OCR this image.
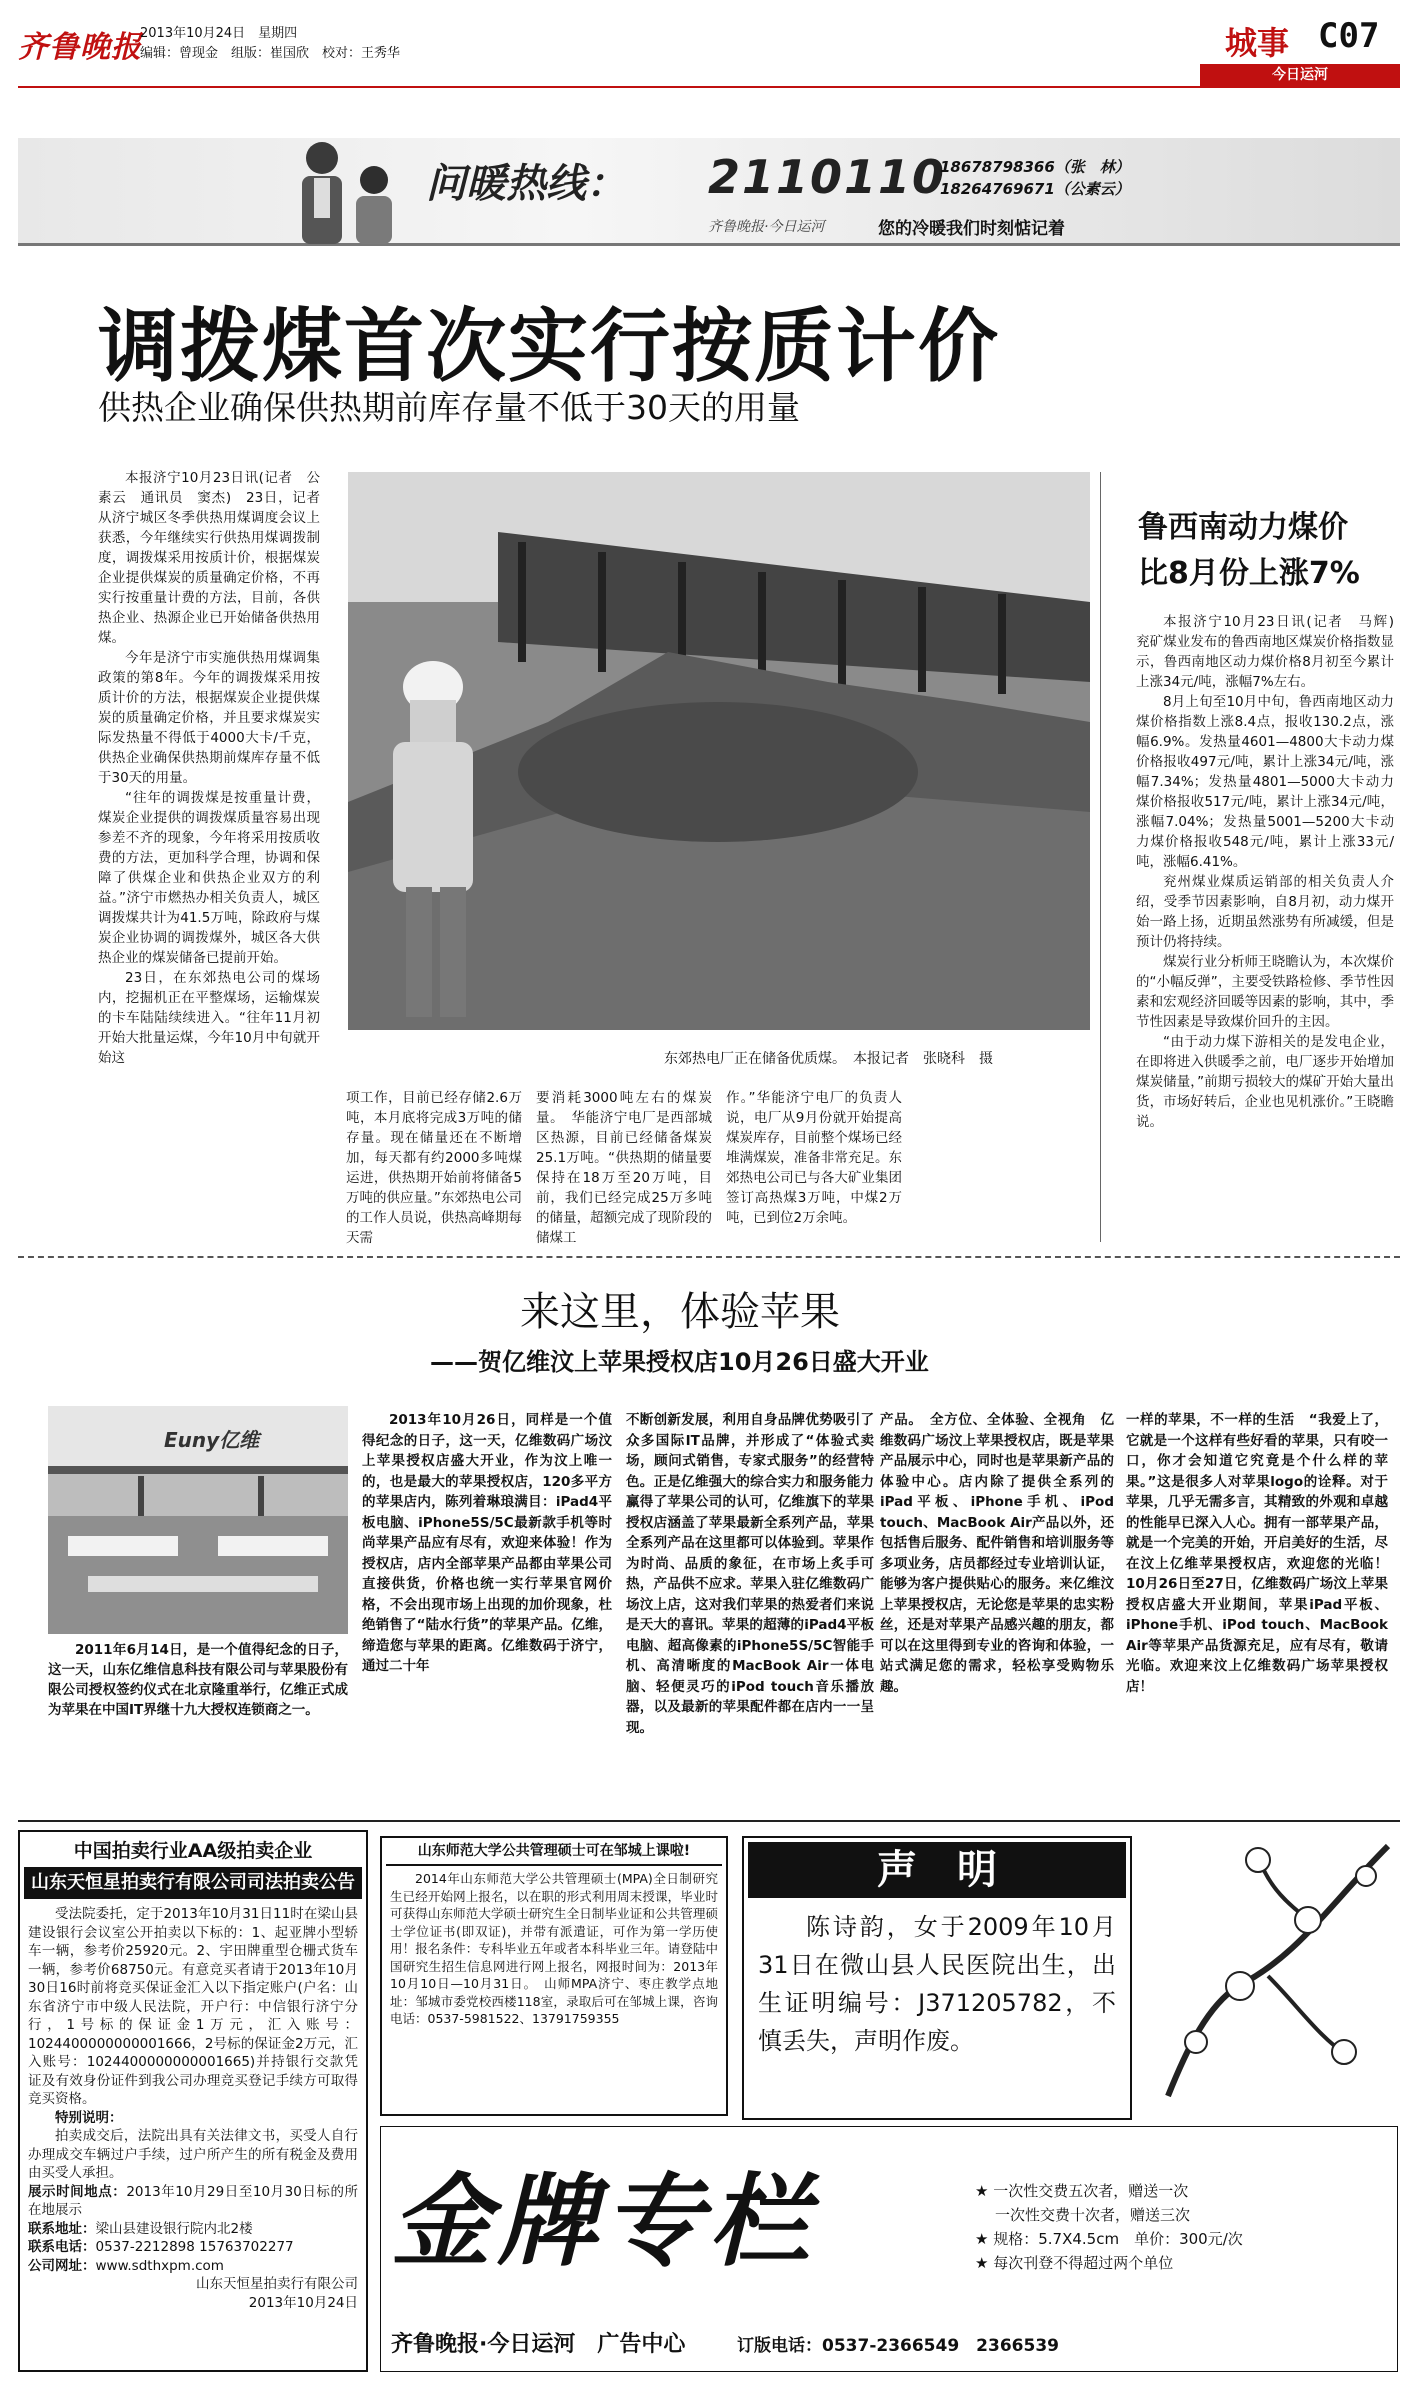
齐鲁晚报
2013年10月24日　星期四
编辑：曾现金　组版：崔国欣　校对：王秀华	城事 C07
今日运河
问暖热线： 2110110
18678798366（张　林）
18264769671（公素云）
齐鲁晚报·今日运河	您的冷暖我们时刻惦记着
调拨煤首次实行按质计价
供热企业确保供热期前库存量不低于30天的用量

本报济宁10月23日讯(记者　公素云　通讯员　窦杰)　23日，记者从济宁城区冬季供热用煤调度会议上获悉，今年继续实行供热用煤调拨制度，调拨煤采用按质计价，根据煤炭企业提供煤炭的质量确定价格，不再实行按重量计费的方法，目前，各供热企业、热源企业已开始储备供热用煤。

今年是济宁市实施供热用煤调集政策的第8年。今年的调拨煤采用按质计价的方法，根据煤炭企业提供煤炭的质量确定价格，并且要求煤炭实际发热量不得低于4000大卡/千克，供热企业确保供热期前煤库存量不低于30天的用量。

“往年的调拨煤是按重量计费，煤炭企业提供的调拨煤质量容易出现参差不齐的现象，今年将采用按质收费的方法，更加科学合理，协调和保障了供煤企业和供热企业双方的利益。”济宁市燃热办相关负责人，城区调拨煤共计为41.5万吨，除政府与煤炭企业协调的调拨煤外，城区各大供热企业的煤炭储备已提前开始。

23日，在东郊热电公司的煤场内，挖掘机正在平整煤场，运输煤炭的卡车陆陆续续进入。“往年11月初开始大批量运煤，今年10月中旬就开始这	东郊热电厂正在储备优质煤。　本报记者　张晓科　摄
项工作，目前已经存储2.6万吨，本月底将完成3万吨的储存量。现在储量还在不断增加，每天都有约2000多吨煤运进，供热期开始前将储备5万吨的供应量。”东郊热电公司的工作人员说，供热高峰期每天需
要消耗3000吨左右的煤炭量。　华能济宁电厂是西部城区热源，目前已经储备煤炭25.1万吨。“供热期的储量要保持在18万至20万吨，目前，我们已经完成25万多吨的储量，超额完成了现阶段的储煤工
作。”华能济宁电厂的负责人说，电厂从9月份就开始提高煤炭库存，目前整个煤场已经堆满煤炭，准备非常充足。东郊热电公司已与各大矿业集团签订高热煤3万吨，中煤2万吨，已到位2万余吨。
鲁西南动力煤价
比8月份上涨7%

本报济宁10月23日讯(记者　马辉)　兖矿煤业发布的鲁西南地区煤炭价格指数显示，鲁西南地区动力煤价格8月初至今累计上涨34元/吨，涨幅7%左右。

8月上旬至10月中旬，鲁西南地区动力煤价格指数上涨8.4点，报收130.2点，涨幅6.9%。发热量4601—4800大卡动力煤价格报收497元/吨，累计上涨34元/吨，涨幅7.34%；发热量4801—5000大卡动力煤价格报收517元/吨，累计上涨34元/吨，涨幅7.04%；发热量5001—5200大卡动力煤价格报收548元/吨，累计上涨33元/吨，涨幅6.41%。

兖州煤业煤质运销部的相关负责人介绍，受季节因素影响，自8月初，动力煤开始一路上扬，近期虽然涨势有所减缓，但是预计仍将持续。

煤炭行业分析师王晓瞻认为，本次煤价的“小幅反弹”，主要受铁路检修、季节性因素和宏观经济回暖等因素的影响，其中，季节性因素是导致煤价回升的主因。

“由于动力煤下游相关的是发电企业，在即将进入供暖季之前，电厂逐步开始增加煤炭储量，”前期亏损较大的煤矿开始大量出货，市场好转后，企业也见机涨价。”王晓瞻说。

来这里，体验苹果
——贺亿维汶上苹果授权店10月26日盛大开业
Euny亿维
2011年6月14日，是一个值得纪念的日子，这一天，山东亿维信息科技有限公司与苹果股份有限公司授权签约仪式在北京隆重举行，亿维正式成为苹果在中国IT界继十九大授权连锁商之一。
2013年10月26日，同样是一个值得纪念的日子，这一天，亿维数码广场汶上苹果授权店盛大开业，作为汶上唯一的，也是最大的苹果授权店，120多平方的苹果店内，陈列着琳琅满目：iPad4平板电脑、iPhone5S/5C最新款手机等时尚苹果产品应有尽有，欢迎来体验！作为授权店，店内全部苹果产品都由苹果公司直接供货，价格也统一实行苹果官网价格，不会出现市场上出现的加价现象，杜绝销售了“陆水行货”的苹果产品。亿维，缔造您与苹果的距离。亿维数码于济宁，通过二十年
不断创新发展，利用自身品牌优势吸引了众多国际IT品牌，并形成了“体验式卖场，顾问式销售，专家式服务”的经营特色。正是亿维强大的综合实力和服务能力赢得了苹果公司的认可，亿维旗下的苹果授权店涵盖了苹果最新全系列产品，苹果全系列产品在这里都可以体验到。苹果作为时尚、品质的象征，在市场上炙手可热，产品供不应求。苹果入驻亿维数码广场汶上店，这对我们苹果的热爱者们来说是天大的喜讯。苹果的超薄的iPad4平板电脑、超高像素的iPhone5S/5C智能手机、高清晰度的MacBook Air一体电脑、轻便灵巧的iPod touch音乐播放器，以及最新的苹果配件都在店内一一呈现。
产品。　全方位、全体验、全视角　亿维数码广场汶上苹果授权店，既是苹果产品展示中心，同时也是苹果新产品的体验中心。店内除了提供全系列的iPad平板、iPhone手机、iPod touch、MacBook Air产品以外，还包括售后服务、配件销售和培训服务等多项业务，店员都经过专业培训认证，能够为客户提供贴心的服务。来亿维汶上苹果授权店，无论您是苹果的忠实粉丝，还是对苹果产品感兴趣的朋友，都可以在这里得到专业的咨询和体验，一站式满足您的需求，轻松享受购物乐趣。
一样的苹果，不一样的生活　“我爱上了，它就是一个这样有些好看的苹果，只有咬一口，你才会知道它究竟是个什么样的苹果。”这是很多人对苹果logo的诠释。对于苹果，几乎无需多言，其精致的外观和卓越的性能早已深入人心。拥有一部苹果产品，就是一个完美的开始，开启美好的生活，尽在汶上亿维苹果授权店，欢迎您的光临！　10月26日至27日，亿维数码广场汶上苹果授权店盛大开业期间，苹果iPad平板、iPhone手机、iPod touch、MacBook Air等苹果产品货源充足，应有尽有，敬请光临。欢迎来汶上亿维数码广场苹果授权店！
中国拍卖行业AA级拍卖企业
山东天恒星拍卖行有限公司司法拍卖公告

受法院委托，定于2013年10月31日11时在梁山县建设银行会议室公开拍卖以下标的：1、起亚牌小型轿车一辆，参考价25920元。2、宇田牌重型仓栅式货车一辆，参考价68750元。有意竞买者请于2013年10月30日16时前将竞买保证金汇入以下指定账户(户名：山东省济宁市中级人民法院，开户行：中信银行济宁分行，1号标的保证金1万元，汇入账号：1024400000000001666，2号标的保证金2万元，汇入账号：1024400000000001665)并持银行交款凭证及有效身份证件到我公司办理竞买登记手续方可取得竞买资格。

特别说明：

拍卖成交后，法院出具有关法律文书，买受人自行办理成交车辆过户手续，过户所产生的所有税金及费用由买受人承担。

展示时间地点：2013年10月29日至10月30日标的所在地展示

联系地址：梁山县建设银行院内北2楼

联系电话：0537-2212898 15763702277

公司网址：www.sdthxpm.com

山东天恒星拍卖行有限公司

2013年10月24日

山东师范大学公共管理硕士可在邹城上课啦!
2014年山东师范大学公共管理硕士(MPA)全日制研究生已经开始网上报名，以在职的形式利用周末授课，毕业时可获得山东师范大学硕士研究生全日制毕业证和公共管理硕士学位证书(即双证)，并带有派遣证，可作为第一学历使用！报名条件：专科毕业五年或者本科毕业三年。请登陆中国研究生招生信息网进行网上报名，网报时间为：2013年10月10日—10月31日。　山师MPA济宁、枣庄教学点地址：邹城市委党校西楼118室，录取后可在邹城上课，咨询电话：0537-5981522、13791759355
声　明
陈诗韵，女于2009年10月31日在微山县人民医院出生，出生证明编号：J371205782，不慎丢失，声明作废。
金牌专栏
齐鲁晚报·今日运河　广告中心	订版电话：0537-2366549　2366539
★ 一次性交费五次者，赠送一次
一次性交费十次者，赠送三次
★ 规格：5.7X4.5cm　单价：300元/次
★ 每次刊登不得超过两个单位
